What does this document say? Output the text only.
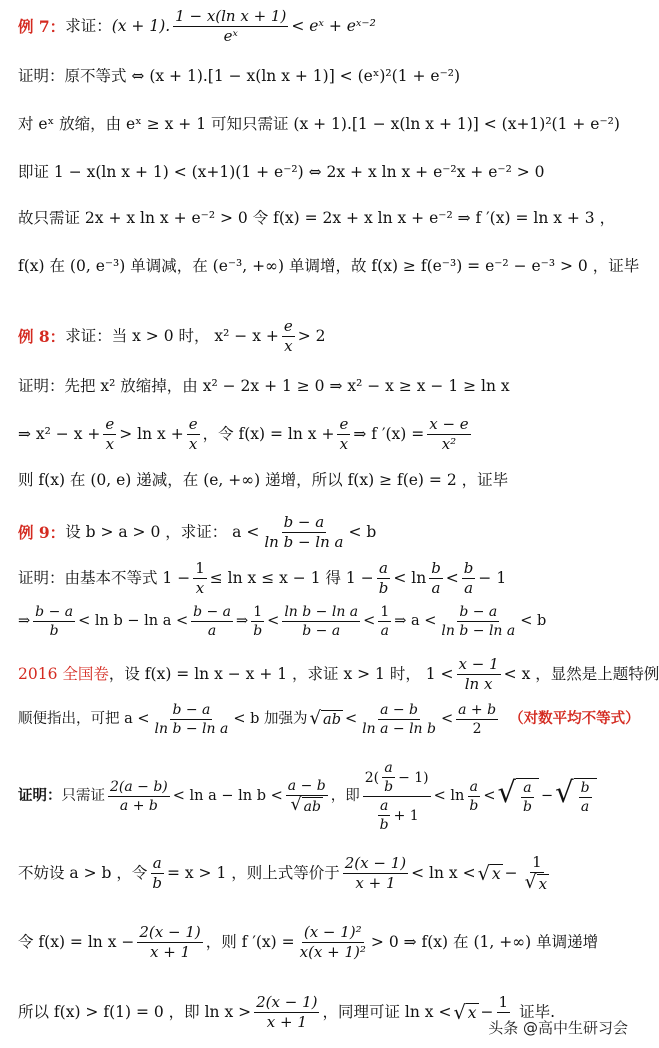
例 7： 求证： (x + 1). $\frac{\text{1 − x(ln x + 1)}}{\text{eˣ}}$ < eˣ + eˣ⁻²
证明：原不等式 ⇔ (x + 1).[1 − x(ln x + 1)] < (eˣ)²(1 + e⁻²)
对 eˣ 放缩，由 eˣ ≥ x + 1 可知只需证 (x + 1).[1 − x(ln x + 1)] < (x+1)²(1 + e⁻²)
即证 1 − x(ln x + 1) < (x+1)(1 + e⁻²) ⇔ 2x + x ln x + e⁻²x + e⁻² > 0
故只需证 2x + x ln x + e⁻² > 0 令 f(x) = 2x + x ln x + e⁻² ⇒ f ′(x) = ln x + 3 ，
f(x) 在 (0, e⁻³) 单调减，在 (e⁻³, +∞) 单调增，故 f(x) ≥ f(e⁻³) = e⁻² − e⁻³ > 0 ，证毕
例 8： 求证：当 x > 0 时， $x^2 - x + \frac{e}{x} > 2$
证明：先把 x² 放缩掉，由 x² − 2x + 1 ≥ 0 ⇒ x² − x ≥ x − 1 ≥ ln x
⇒ $x^2 - x + \frac{e}{x} > \ln x + \frac{e}{x}$ ，令 $f(x) = \ln x + \frac{e}{x}$ ⇒ f $'(x) = \frac{x - e}{\text{x²}}$
则 f(x) 在 (0, e) 递减，在 (e, +∞) 递增，所以 f(x) ≥ f(e) = 2 ，证毕
例 9： 设 b > a > 0 ，求证： $a < \frac{b - a}{\text{ln b − ln a}} < b$
证明：由基本不等式 $1 - \frac{1}{x} \le \ln x \le x - 1$ 得 $1 - \frac{a}{b} < \ln \frac{b}{a} < \frac{b}{a} - 1$
⇒ $\frac{b - a}{b} < \ln b - \ln a < \frac{b - a}{a}$ ⇒ $\frac{1}{b} < \frac{\text{ln b − ln a}}{b - a} < \frac{1}{a}$ ⇒ $a < \frac{b - a}{\text{ln b − ln a}} < b$
2016 全国卷 ，设 f(x) = ln x − x + 1 ，求证 x > 1 时， $1 < \frac{x - 1}{\text{ln x}} < x$ ，显然是上题特例
顺便指出，可把 $a < \frac{b - a}{\text{ln b − ln a}} < b$ 加强为 √ ab < $\frac{a - b}{\text{ln a − ln b}} < \frac{a + b}{2}$ （对数平均不等式）
证明： 只需证 $\frac{2(a - b)}{a + b} < \ln a - \ln b < \frac{a - b}{√ ab}$ ，即 $\frac{2( \frac{a}{b} - 1)}{\frac{a}{b} + 1} < \ln \frac{a}{b}$ < √ $\frac{a}{b}$ − √ $\frac{b}{a}$
不妨设 a > b ，令 $\frac{a}{b} = x > 1$ ，则上式等价于 $\frac{2(x - 1)}{x + 1} < \ln x$ < √ $x - \frac{1}{√ x}$
令 $f(x) = \ln x - \frac{2(x - 1)}{x + 1}$ ，则 f $'(x) = \frac{\text{(x − 1)²}}{\text{x(x + 1)²}} > 0$ ⇒ f(x) 在 (1, +∞) 单调递增
所以 f(x) > f(1) = 0 ，即 $\ln x > \frac{2(x - 1)}{x + 1}$ ，同理可证 ln x < √ x −
1

证毕.
头条 @高中生研习会
